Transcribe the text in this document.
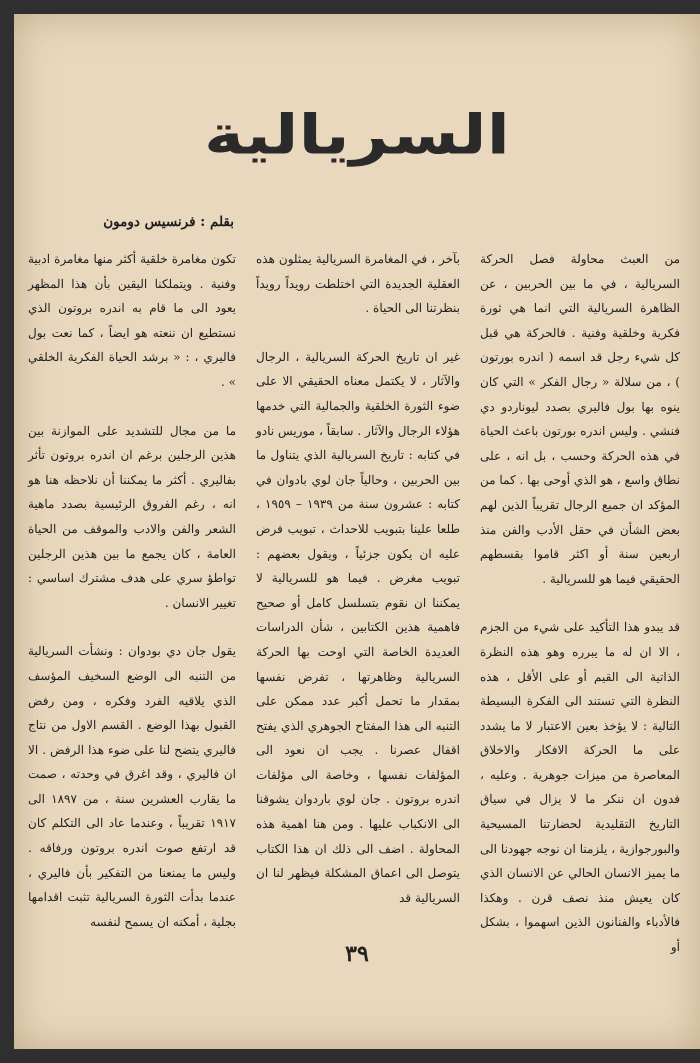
السريالية
بقلم : فرنسيس دومون

من العبث محاولة فصل الحركة السريالية ، في ما بين الحربين ، عن الظاهرة السريالية التي انما هي ثورة فكرية وخلقية وفنية . فالحركة هي قبل كل شيء رجل قد اسمه ( اندره بورتون ) ، من سلالة « رجال الفكر » التي كان ينوه بها بول فاليري بصدد ليوناردو دي فنشي . وليس اندره بورتون باعث الحياة في هذه الحركة وحسب ، بل انه ، على نطاق واسع ، هو الذي أوحى بها . كما من المؤكد ان جميع الرجال تقريباً الذين لهم بعض الشأن في حقل الأدب والفن منذ اربعين سنة أو اكثر قاموا بقسطهم الحقيقي فيما هو للسريالية .

قد يبدو هذا التأكيد على شيء من الجزم ، الا ان له ما يبرره وهو هذه النظرة الذاتية الى القيم أو على الأقل ، هذه النظرة التي تستند الى الفكرة البسيطة التالية : لا يؤخذ بعين الاعتبار لا ما يشدد على ما الحركة الافكار والاخلاق المعاصرة من ميزات جوهرية . وعليه ، فدون ان ننكر ما لا يزال في سياق التاريخ التقليدية لحضارتنا المسيحية والبورجوازية ، يلزمنا ان نوجه جهودنا الى ما يميز الانسان الحالي عن الانسان الذي كان يعيش منذ نصف قرن . وهكذا فالأدباء والفنانون الذين اسهموا ، بشكل أو

بآخر ، في المغامرة السريالية يمثلون هذه العقلية الجديدة التي اختلطت رويداً رويداً بنظرتنا الى الحياة .

غير ان تاريخ الحركة السريالية ، الرجال والآثار ، لا يكتمل معناه الحقيقي الا على ضوء الثورة الخلقية والجمالية التي خدمها هؤلاء الرجال والآثار . سابقاً ، موريس نادو في كتابه : تاريخ السريالية الذي يتناول ما بين الحربين ، وحالياً جان لوي بادوان في كتابه : عشرون سنة من ١٩٣٩ – ١٩٥٩ ، طلعا علينا بتبويب للاحداث ، تبويب فرض عليه ان يكون جزئياً ، ويقول بعضهم : تبويب مغرض . فيما هو للسريالية لا يمكننا ان نقوم بتسلسل كامل أو صحيح فاهمية هذين الكتابين ، شأن الدراسات العديدة الخاصة التي اوحت بها الحركة السريالية وظاهرتها ، تفرض نفسها بمقدار ما تحمل أكبر عدد ممكن على التنبه الى هذا المفتاح الجوهري الذي يفتح اقفال عصرنا . يجب ان نعود الى المؤلفات نفسها ، وخاصة الى مؤلفات اندره بروتون . جان لوي باردوان يشوقنا الى الانكباب عليها . ومن هنا اهمية هذه المحاولة . اضف الى ذلك ان هذا الكتاب يتوصل الى اعماق المشكلة فيظهر لنا ان السريالية قد

تكون مغامرة خلقية أكثر منها مغامرة ادبية وفنية . ويتملكنا اليقين بأن هذا المظهر يعود الى ما قام به اندره بروتون الذي نستطيع ان ننعته هو ايضاً ، كما نعت بول فاليري ، : « برشد الحياة الفكرية الخلقي » .

ما من مجال للتشديد على الموازنة بين هذين الرجلين برغم ان اندره بروتون تأثر بفاليري . أكثر ما يمكننا أن نلاحظه هنا هو انه ، رغم الفروق الرئيسية بصدد ماهية الشعر والفن والادب والموقف من الحياة العامة ، كان يجمع ما بين هذين الرجلين تواطؤ سري على هدف مشترك اساسي : تغيير الانسان .

يقول جان دي بودوان : ونشأت السريالية من التنبه الى الوضع السخيف المؤسف الذي يلاقيه الفرد وفكره ، ومن رفض القبول بهذا الوضع . القسم الاول من نتاج فاليري يتضح لنا على ضوء هذا الرفض . الا ان فاليري ، وقد اغرق في وحدته ، صمت ما يقارب العشرين سنة ، من ١٨٩٧ الى ١٩١٧ تقريباً ، وعندما عاد الى التكلم كان قد ارتفع صوت اندره بروتون ورفاقه . وليس ما يمنعنا من التفكير بأن فاليري ، عندما بدأت الثورة السريالية تثبت اقدامها بجلية ، أمكنه ان يسمح لنفسه

٣٩
